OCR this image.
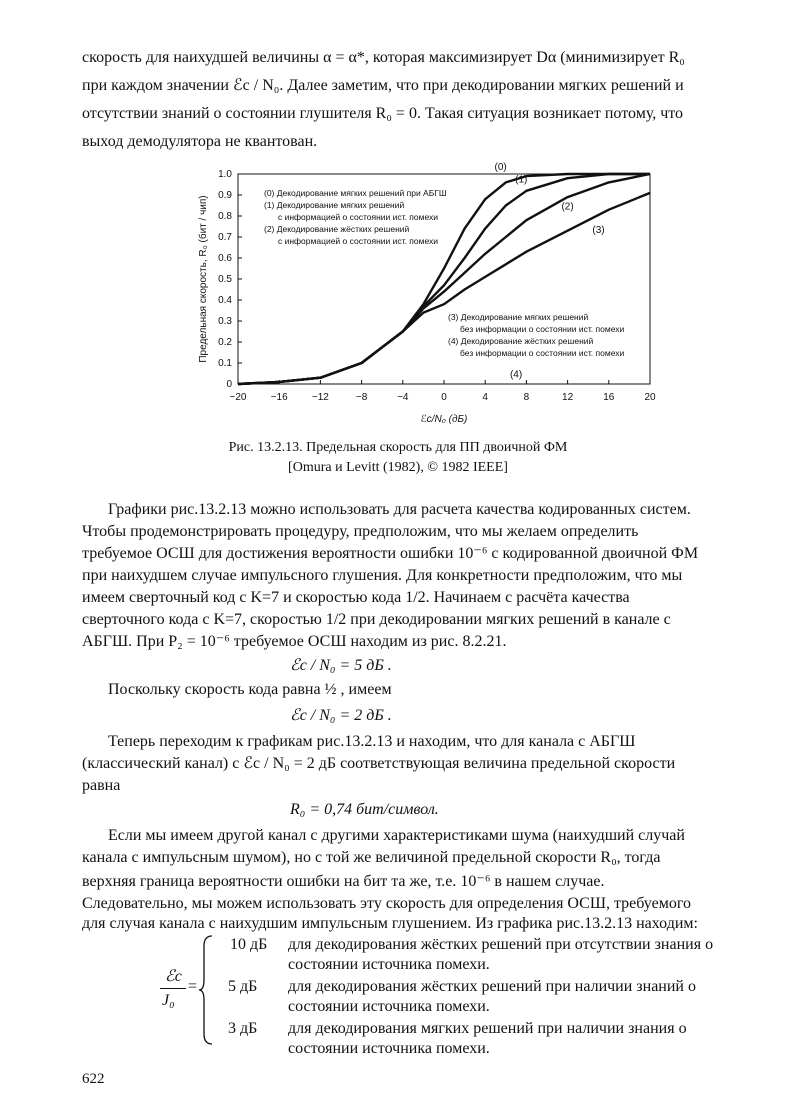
скорость для наихудшей величины α = α*, которая максимизирует Dα (минимизирует R₀
при каждом значении ℰc / N₀. Далее заметим, что при декодировании мягких решений и
отсутствии знаний о состоянии глушителя R₀ = 0. Такая ситуация возникает потому, что
выход демодулятора не квантован.
−20 −16 −12	−8	−4	0	4	8	12	16	20
0
0.1
0.2
0.3
0.4
0.5
0.6
0.7
0.8
0.9
1.0
ℰc/N₀ (дБ)
Предельная скорость, R₀ (бит / чип)
(0)
(1)
(2)
(3)
(4)
(0) Декодирование мягких решений при АБГШ
(1) Декодирование мягких решений
с информацией о состоянии ист. помехи
(2) Декодирование жёстких решений
с информацией о состоянии ист. помехи
(3) Декодирование мягких решений
без информации о состоянии ист. помехи
(4) Декодирование жёстких решений
без информации о состоянии ист. помехи
Рис. 13.2.13. Предельная скорость для ПП двоичной ФМ
[Omura и Levitt (1982), © 1982 IEEE]
Графики рис.13.2.13 можно использовать для расчета качества кодированных систем.
Чтобы продемонстрировать процедуру, предположим, что мы желаем определить
требуемое ОСШ для достижения вероятности ошибки 10⁻⁶ с кодированной двоичной ФМ
при наихудшем случае импульсного глушения. Для конкретности предположим, что мы
имеем сверточный код с K=7 и скоростью кода 1/2. Начинаем с расчёта качества
сверточного кода с K=7, скоростью 1/2 при декодировании мягких решений в канале с
АБГШ. При P₂ = 10⁻⁶ требуемое ОСШ находим из рис. 8.2.21.
ℰc / N₀ = 5 дБ .
Поскольку скорость кода равна ½ , имеем
ℰc / N₀ = 2 дБ .
Теперь переходим к графикам рис.13.2.13 и находим, что для канала с АБГШ
(классический канал) с ℰc / N₀ = 2 дБ соответствующая величина предельной скорости
равна
R₀ = 0,74 бит/символ.
Если мы имеем другой канал с другими характеристиками шума (наихудший случай
канала с импульсным шумом), но с той же величиной предельной скорости R₀, тогда
верхняя граница вероятности ошибки на бит та же, т.е. 10⁻⁶ в нашем случае.
Следовательно, мы можем использовать эту скорость для определения ОСШ, требуемого
для случая канала с наихудшим импульсным глушением. Из графика рис.13.2.13 находим:
ℰc
J₀
=
10 дБ для декодирования жёстких решений при отсутствии знания о
состоянии источника помехи.
5 дБ для декодирования жёстких решений при наличии знаний о
состоянии источника помехи.
3 дБ для декодирования мягких решений при наличии знания о
состоянии источника помехи.
622
